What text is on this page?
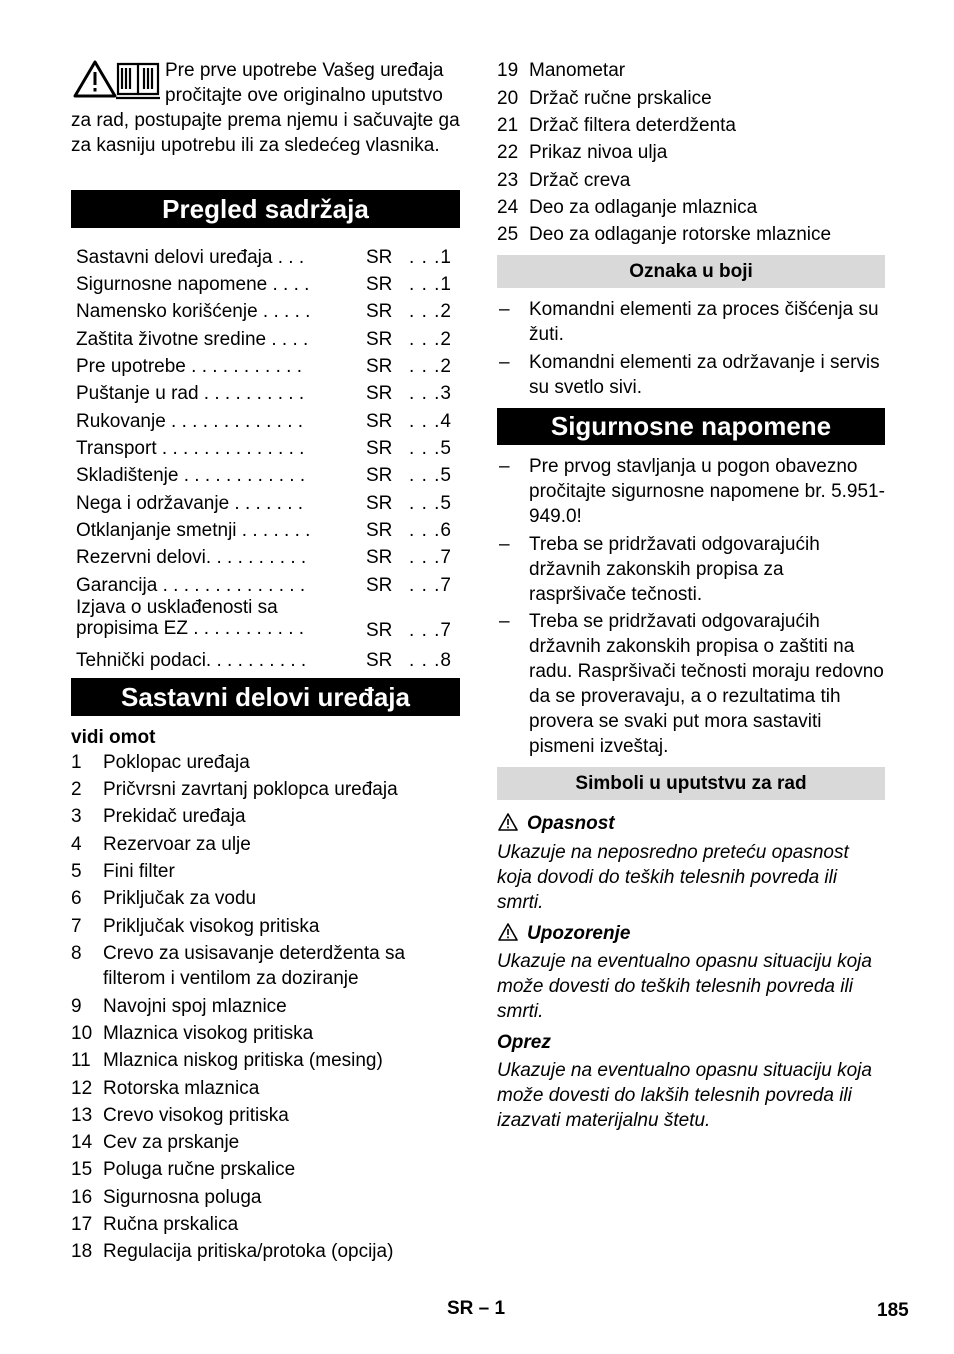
Pre prve upotrebe Vašeg uređaja pročitajte ove originalno uputstvo za rad, postupajte prema njemu i sačuvajte ga za kasniju upotrebu ili za sledećeg vlasnika.
Pregled sadržaja
Sastavni delovi uređaja . . .	SR . . .1
Sigurnosne napomene . . . .	SR . . .1
Namensko korišćenje . . . . .	SR . . .2
Zaštita životne sredine . . . .	SR . . .2
Pre upotrebe . . . . . . . . . . .	SR . . .2
Puštanje u rad . . . . . . . . . .	SR . . .3
Rukovanje . . . . . . . . . . . . .	SR . . .4
Transport . . . . . . . . . . . . . .	SR . . .5
Skladištenje . . . . . . . . . . . .	SR . . .5
Nega i održavanje . . . . . . .	SR . . .5
Otklanjanje smetnji . . . . . . .	SR . . .6
Rezervni delovi. . . . . . . . . .	SR . . .7
Garancija . . . . . . . . . . . . . .	SR . . .7
Izjava o usklađenosti sa propisima EZ . . . . . . . . . . .	SR . . .7
Tehnički podaci. . . . . . . . . .	SR . . .8
Sastavni delovi uređaja
vidi omot
1 Poklopac uređaja
2 Pričvrsni zavrtanj poklopca uređaja
3 Prekidač uređaja
4 Rezervoar za ulje
5 Fini filter
6 Priključak za vodu
7 Priključak visokog pritiska
8 Crevo za usisavanje deterdženta sa filterom i ventilom za doziranje
9 Navojni spoj mlaznice
10 Mlaznica visokog pritiska
11 Mlaznica niskog pritiska (mesing)
12 Rotorska mlaznica
13 Crevo visokog pritiska
14 Cev za prskanje
15 Poluga ručne prskalice
16 Sigurnosna poluga
17 Ručna prskalica
18 Regulacija pritiska/protoka (opcija)
19 Manometar
20 Držač ručne prskalice
21 Držač filtera deterdženta
22 Prikaz nivoa ulja
23 Držač creva
24 Deo za odlaganje mlaznica
25 Deo za odlaganje rotorske mlaznice
Oznaka u boji
– Komandni elementi za proces čišćenja su žuti.
– Komandni elementi za održavanje i servis su svetlo sivi.
Sigurnosne napomene
– Pre prvog stavljanja u pogon obavezno pročitajte sigurnosne napomene br. 5.951-949.0!
– Treba se pridržavati odgovarajućih državnih zakonskih propisa za raspršivače tečnosti.
– Treba se pridržavati odgovarajućih državnih zakonskih propisa o zaštiti na radu. Raspršivači tečnosti moraju redovno da se proveravaju, a o rezultatima tih provera se svaki put mora sastaviti pismeni izveštaj.
Simboli u uputstvu za rad
Opasnost
Ukazuje na neposredno preteću opasnost koja dovodi do teških telesnih povreda ili smrti.
Upozorenje
Ukazuje na eventualno opasnu situaciju koja može dovesti do teških telesnih povreda ili smrti.
Oprez
Ukazuje na eventualno opasnu situaciju koja može dovesti do lakših telesnih povreda ili izazvati materijalnu štetu.
SR – 1	185
